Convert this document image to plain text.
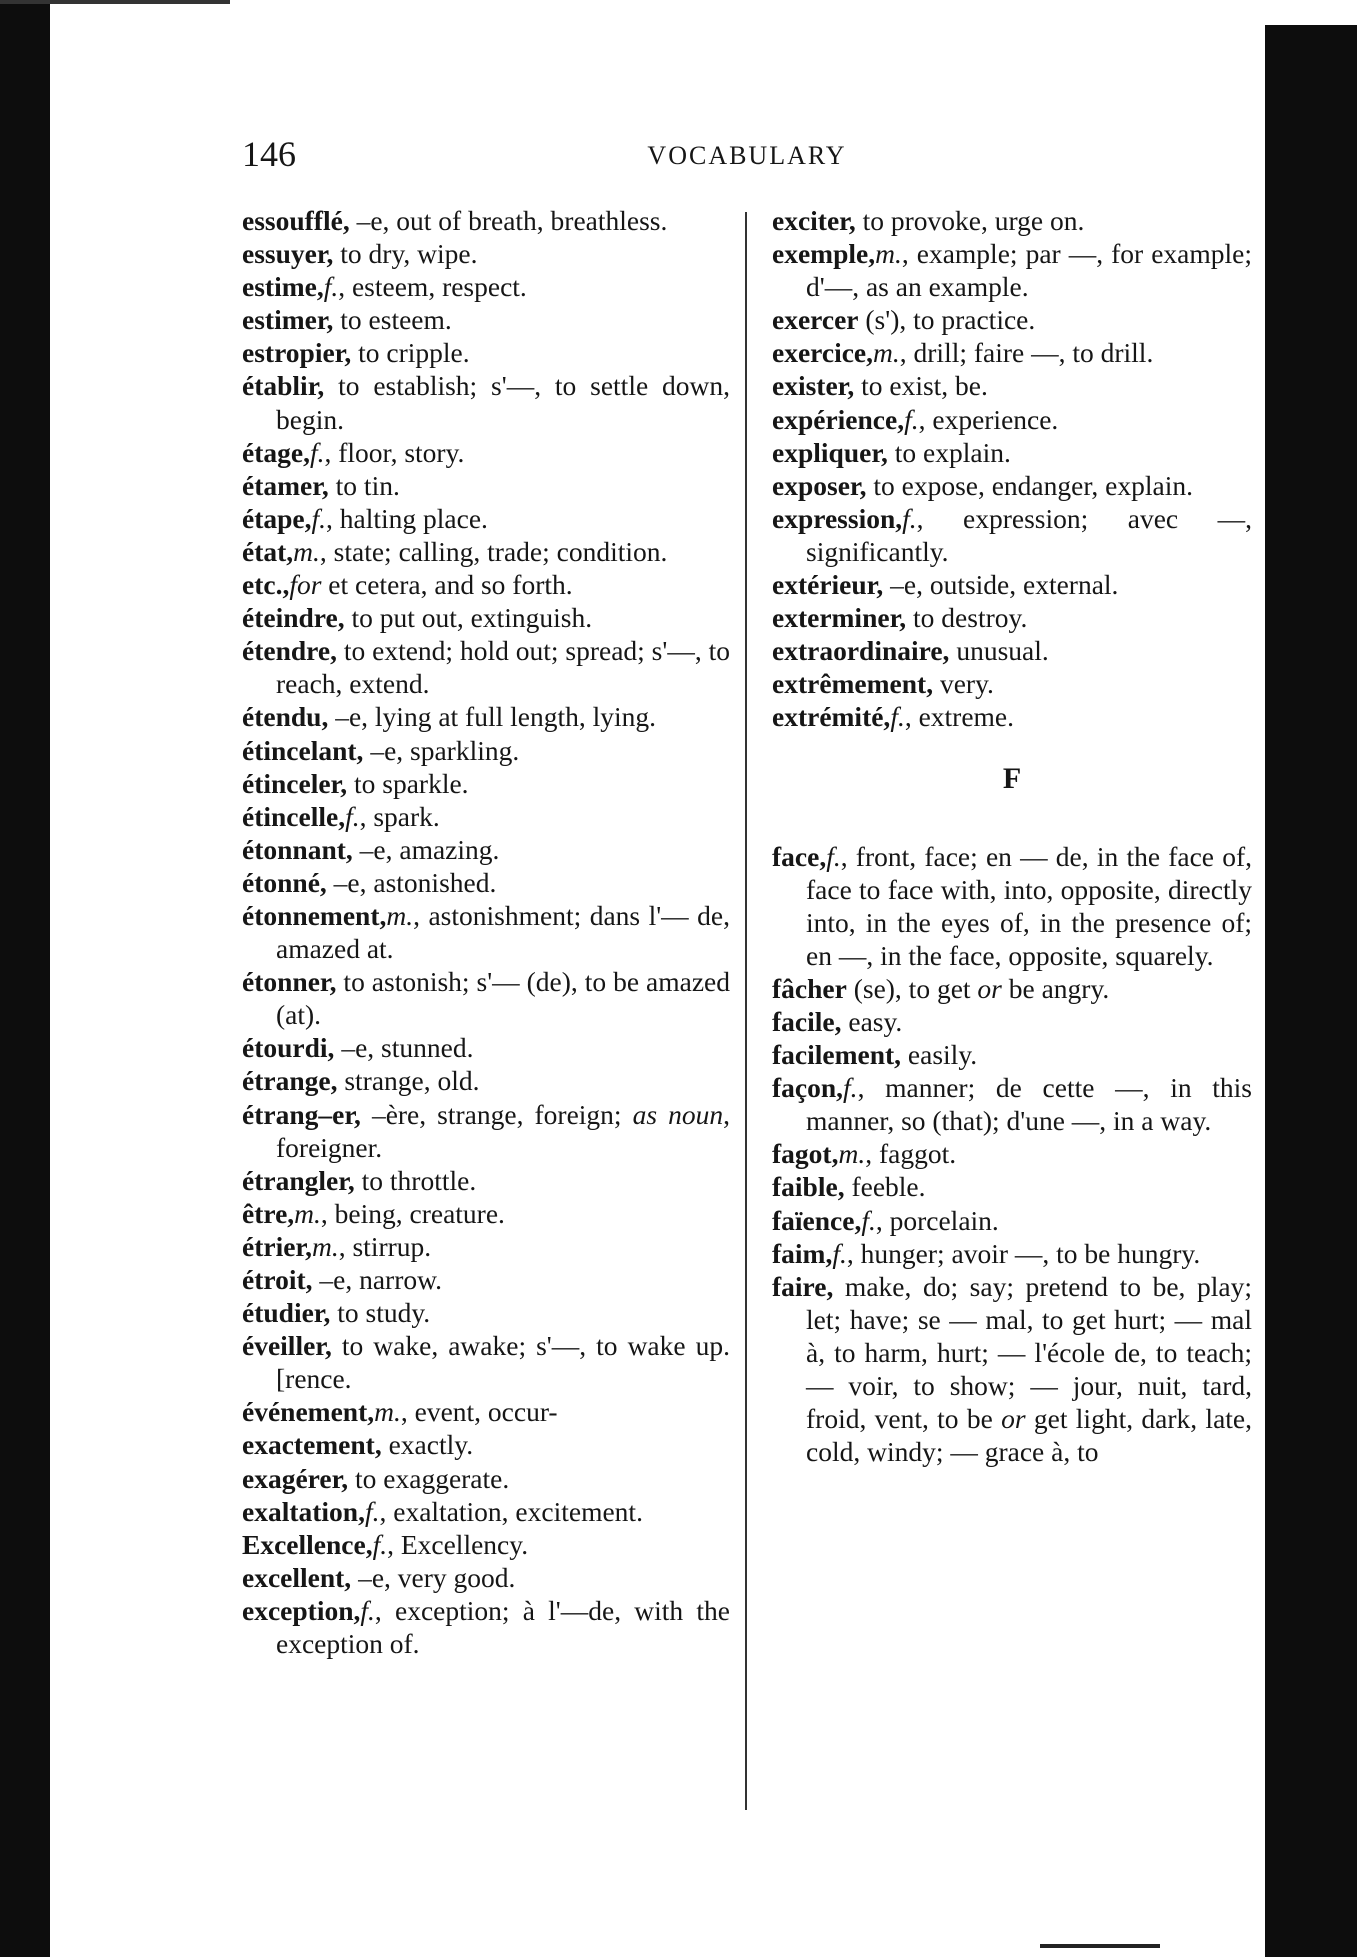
146	VOCABULARY

essoufflé, –e, out of breath, breathless.

essuyer, to dry, wipe.

estime,f., esteem, respect.

estimer, to esteem.

estropier, to cripple.

établir, to establish; s'—, to settle down, begin.

étage,f., floor, story.

étamer, to tin.

étape,f., halting place.

état,m., state; calling, trade; condition.

etc.,for et cetera, and so forth.

éteindre, to put out, extinguish.

étendre, to extend; hold out; spread; s'—, to reach, extend.

étendu, –e, lying at full length, lying.

étincelant, –e, sparkling.

étinceler, to sparkle.

étincelle,f., spark.

étonnant, –e, amazing.

étonné, –e, astonished.

étonnement,m., astonishment; dans l'— de, amazed at.

étonner, to astonish; s'— (de), to be amazed (at).

étourdi, –e, stunned.

étrange, strange, old.

étrang–er, –ère, strange, foreign; as noun, foreigner.

étrangler, to throttle.

être,m., being, creature.

étrier,m., stirrup.

étroit, –e, narrow.

étudier, to study.

éveiller, to wake, awake; s'—, to wake up. [rence.

événement,m., event, occur-

exactement, exactly.

exagérer, to exaggerate.

exaltation,f., exaltation, excitement.

Excellence,f., Excellency.

excellent, –e, very good.

exception,f., exception; à l'—de, with the exception of.

exciter, to provoke, urge on.

exemple,m., example; par —, for example; d'—, as an example.

exercer (s'), to practice.

exercice,m., drill; faire —, to drill.

exister, to exist, be.

expérience,f., experience.

expliquer, to explain.

exposer, to expose, endanger, explain.

expression,f., expression; avec —, significantly.

extérieur, –e, outside, external.

exterminer, to destroy.

extraordinaire, unusual.

extrêmement, very.

extrémité,f., extreme.

F

face,f., front, face; en — de, in the face of, face to face with, into, opposite, directly into, in the eyes of, in the presence of; en —, in the face, opposite, squarely.

fâcher (se), to get or be angry.

facile, easy.

facilement, easily.

façon,f., manner; de cette —, in this manner, so (that); d'une —, in a way.

fagot,m., faggot.

faible, feeble.

faïence,f., porcelain.

faim,f., hunger; avoir —, to be hungry.

faire, make, do; say; pretend to be, play; let; have; se — mal, to get hurt; — mal à, to harm, hurt; — l'école de, to teach; — voir, to show; — jour, nuit, tard, froid, vent, to be or get light, dark, late, cold, windy; — grace à, to
